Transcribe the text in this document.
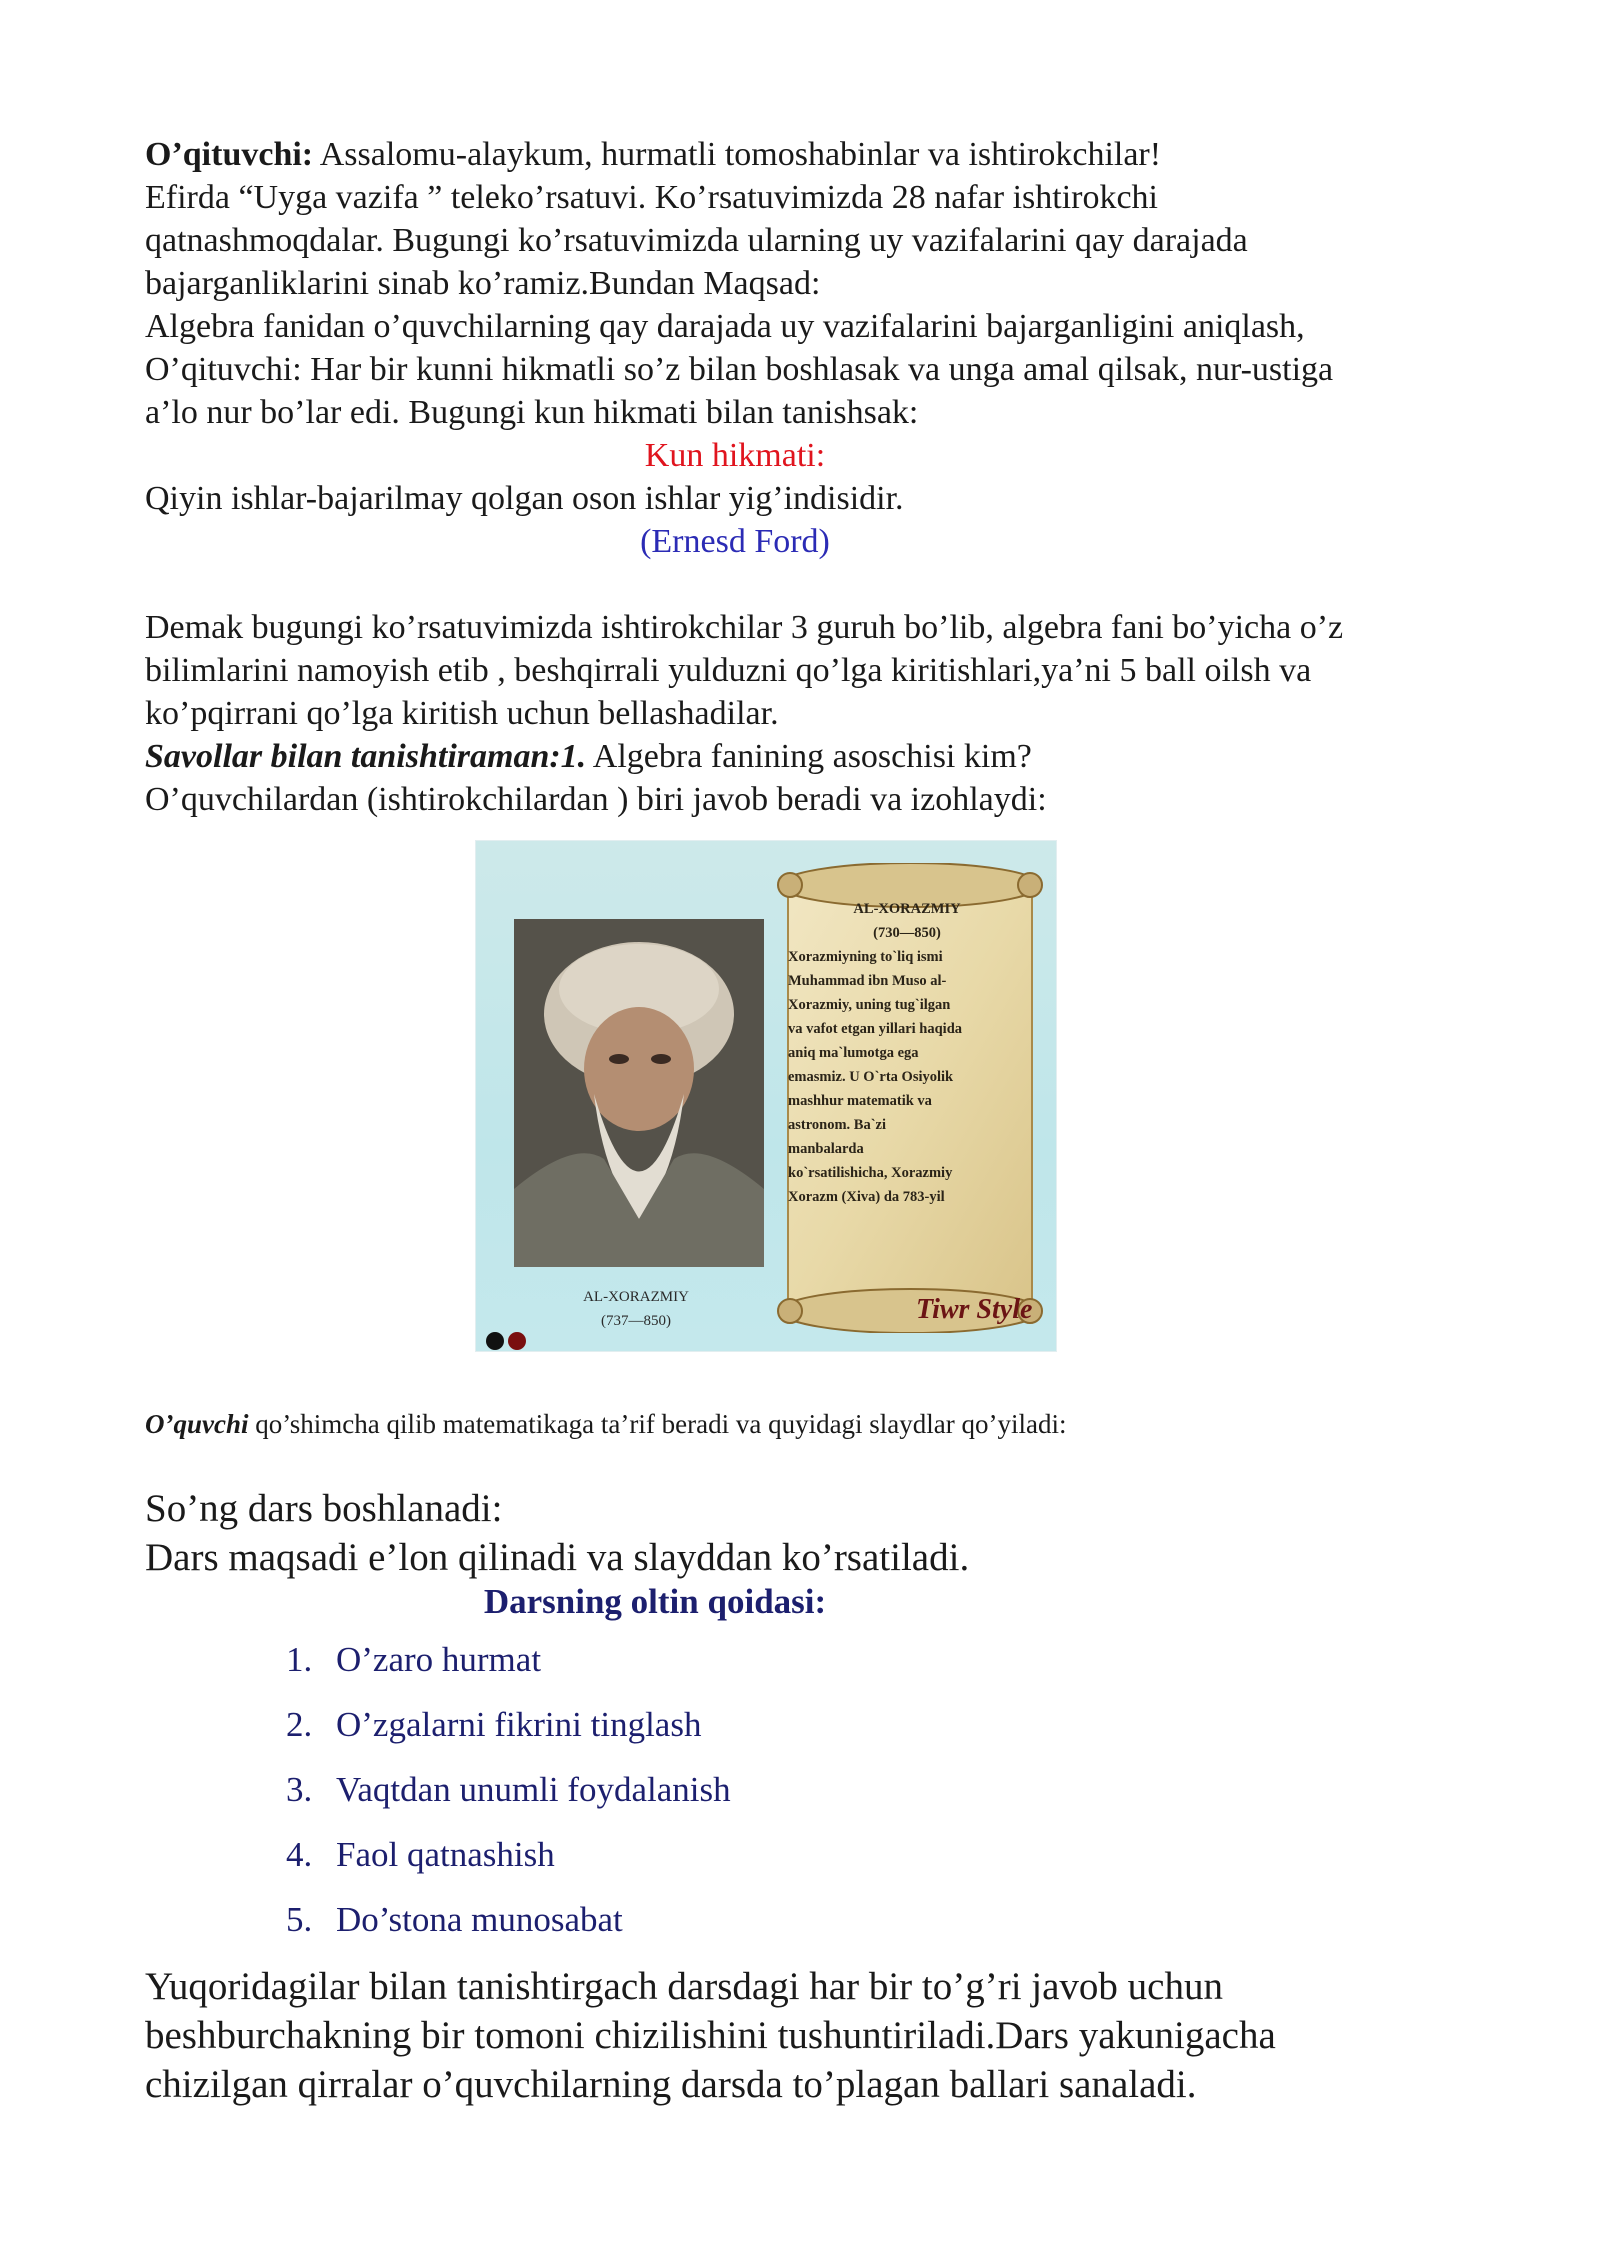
O’qituvchi: Assalomu-alaykum, hurmatli tomoshabinlar va ishtirokchilar!

Efirda “Uyga vazifa ” teleko’rsatuvi. Ko’rsatuvimizda 28 nafar ishtirokchi

qatnashmoqdalar. Bugungi ko’rsatuvimizda ularning uy vazifalarini qay darajada

bajarganliklarini sinab ko’ramiz.Bundan Maqsad:

Algebra fanidan o’quvchilarning qay darajada uy vazifalarini bajarganligini aniqlash,

O’qituvchi: Har bir kunni hikmatli so’z bilan boshlasak va unga amal qilsak, nur-ustiga

a’lo nur bo’lar edi. Bugungi kun hikmati bilan tanishsak:

Kun hikmati:

Qiyin ishlar-bajarilmay qolgan oson ishlar yig’indisidir.

(Ernesd Ford)

Demak bugungi ko’rsatuvimizda ishtirokchilar 3 guruh bo’lib, algebra fani bo’yicha o’z

bilimlarini namoyish etib , beshqirrali yulduzni qo’lga kiritishlari,ya’ni 5 ball oilsh va

ko’pqirrani qo’lga kiritish uchun bellashadilar.

Savollar bilan tanishtiraman:1. Algebra fanining asoschisi kim?

O’quvchilardan (ishtirokchilardan ) biri javob beradi va izohlaydi:

AL-XORAZMIY
(737—850)
AL-XORAZMIY
(730—850)
Xorazmiyning to`liq ismi
Muhammad ibn Muso al-
Xorazmiy, uning tug`ilgan
va vafot etgan yillari haqida
aniq ma`lumotga ega
emasmiz. U O`rta Osiyolik
mashhur matematik va
astronom. Ba`zi
manbalarda
ko`rsatilishicha, Xorazmiy
Xorazm (Xiva) da 783-yil
Tiwr Style
O’quvchi qo’shimcha qilib matematikaga ta’rif beradi va quyidagi slaydlar qo’yiladi:
So’ng dars boshlanadi:
Dars maqsadi e’lon qilinadi va slayddan ko’rsatiladi.
Darsning oltin qoidasi:
1. O’zaro hurmat
2. O’zgalarni fikrini tinglash
3. Vaqtdan unumli foydalanish
4. Faol qatnashish
5. Do’stona munosabat
Yuqoridagilar bilan tanishtirgach darsdagi har bir to’g’ri javob uchun
beshburchakning bir tomoni chizilishini tushuntiriladi.Dars yakunigacha
chizilgan qirralar o’quvchilarning darsda to’plagan ballari sanaladi.
